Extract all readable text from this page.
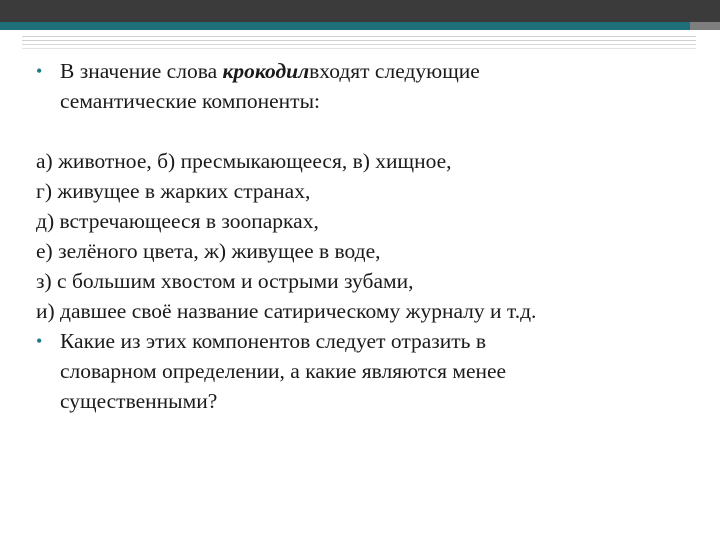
• В значение слова крокодилвходят следующие
семантические компоненты:

а) животное, б) пресмыкающееся, в) хищное,

г) живущее в жарких странах,

д) встречающееся в зоопарках,

е) зелёного цвета, ж) живущее в воде,

з) с большим хвостом и острыми зубами,

и) давшее своё название сатирическому журналу и т.д.

• Какие из этих компонентов следует отразить в
словарном определении, а какие являются менее
существенными?
